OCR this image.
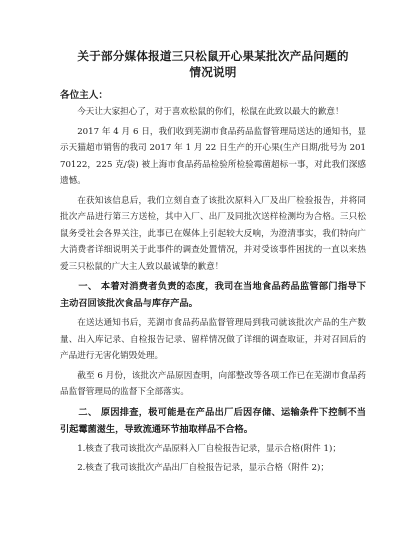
关于部分媒体报道三只松鼠开心果某批次产品问题的
情况说明
各位主人：

今天让大家担心了，对于喜欢松鼠的你们，松鼠在此致以最大的歉意！

2017 年 4 月 6 日，我们收到芜湖市食品药品监督管理局送达的通知书，显示天猫超市销售的我司 2017 年 1 月 22 日生产的开心果(生产日期/批号为 20170122，225 克/袋) 被上海市食品药品检验所检验霉菌超标一事，对此我们深感遗憾。

在获知该信息后，我们立刻自查了该批次原料入厂及出厂检验报告，并将同批次产品进行第三方送检，其中入厂、出厂及同批次送样检测均为合格。三只松鼠务受社会各界关注，此事已在媒体上引起较大反响，为澄清事实，我们特向广大消费者详细说明关于此事件的调查处置情况，并对受该事件困扰的一直以来热爱三只松鼠的广大主人致以最诚挚的歉意！

一、 本着对消费者负责的态度，我司在当地食品药品监管部门指导下主动召回该批次食品与库存产品。

在送达通知书后，芜湖市食品药品监督管理局到我司就该批次产品的生产数量、出入库记录、自检报告记录、留样情况做了详细的调查取证，并对召回后的产品进行无害化销毁处理。

截至 6 月份，该批次产品原因查明，向部整改等各项工作已在芜湖市食品药品监督管理局的监督下全部落实。

二、 原因排查，极可能是在产品出厂后因存储、运输条件下控制不当引起霉菌滋生，导致流通环节抽取样品不合格。

1.核查了我司该批次产品原料入厂自检报告记录，显示合格(附件 1)；

2.核查了我司该批次产品出厂自检报告记录，显示合格（附件 2)；
